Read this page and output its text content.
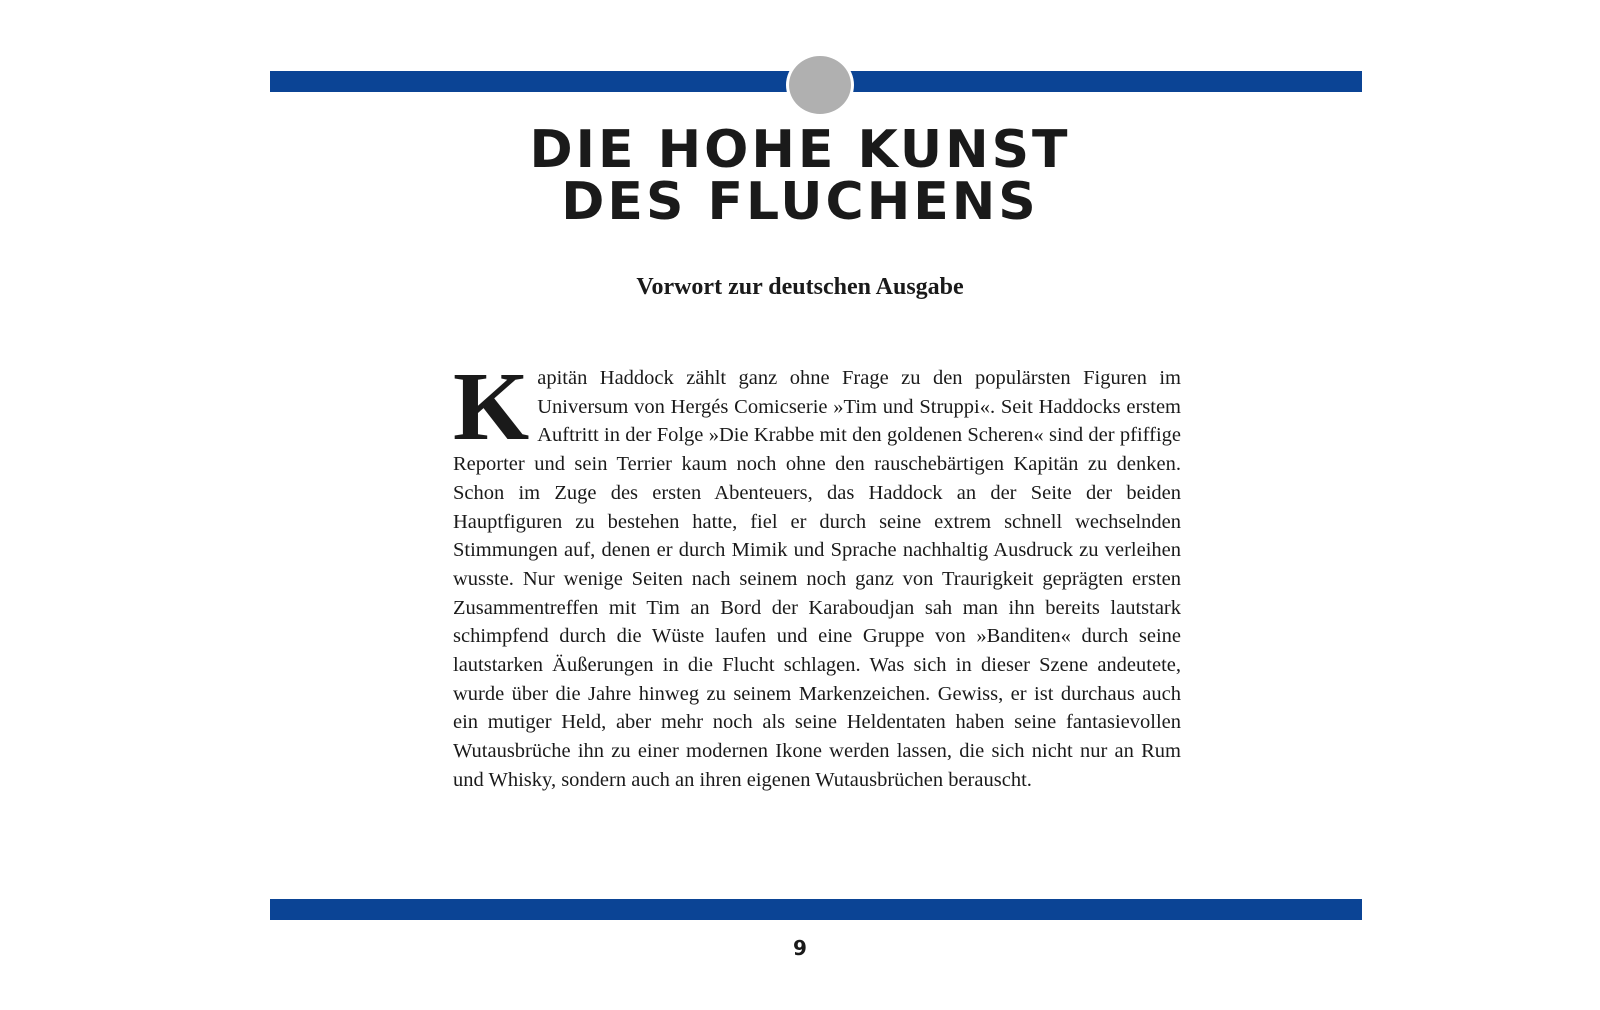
DIE HOHE KUNST
DES FLUCHENS
Vorwort zur deutschen Ausgabe
K apitän Haddock zählt ganz ohne Frage zu den populärsten Figuren im Universum von Hergés Comicserie »Tim und Struppi«. Seit Haddocks erstem Auftritt in der Folge »Die Krabbe mit den goldenen Scheren« sind der pfiffige Reporter und sein Terrier kaum noch ohne den rauschebärtigen Kapitän zu denken. Schon im Zuge des ersten Abenteuers, das Haddock an der Seite der beiden Hauptfiguren zu bestehen hatte, fiel er durch seine extrem schnell wechselnden Stimmungen auf, denen er durch Mimik und Sprache nachhaltig Ausdruck zu verleihen wusste. Nur wenige Seiten nach seinem noch ganz von Traurigkeit geprägten ersten Zusammentreffen mit Tim an Bord der Karaboudjan sah man ihn bereits lautstark schimpfend durch die Wüste laufen und eine Gruppe von »Banditen« durch seine lautstarken Äußerungen in die Flucht schlagen. Was sich in dieser Szene andeutete, wurde über die Jahre hinweg zu seinem Markenzeichen. Gewiss, er ist durchaus auch ein mutiger Held, aber mehr noch als seine Heldentaten haben seine fantasievollen Wutausbrüche ihn zu einer modernen Ikone werden lassen, die sich nicht nur an Rum und Whisky, sondern auch an ihren eigenen Wutausbrüchen berauscht.
9
